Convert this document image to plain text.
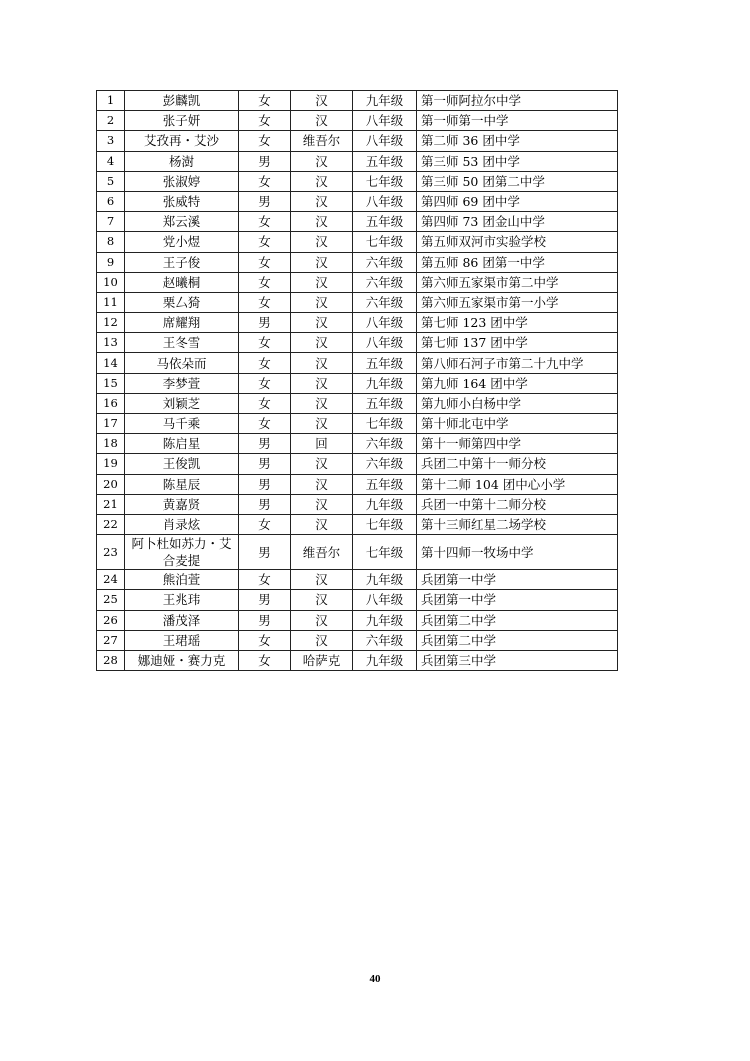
1	彭麟凯	女	汉	九年级	第一师阿拉尔中学
2	张子妍	女	汉	八年级	第一师第一中学
3	艾孜再・艾沙	女	维吾尔	八年级	第二师 36 团中学
4	杨澍	男	汉	五年级	第三师 53 团中学
5	张淑婷	女	汉	七年级	第三师 50 团第二中学
6	张威特	男	汉	八年级	第四师 69 团中学
7	郑云溪	女	汉	五年级	第四师 73 团金山中学
8	党小煜	女	汉	七年级	第五师双河市实验学校
9	王子俊	女	汉	六年级	第五师 86 团第一中学
10	赵曦桐	女	汉	六年级	第六师五家渠市第二中学
11	栗厶猗	女	汉	六年级	第六师五家渠市第一小学
12	席耀翔	男	汉	八年级	第七师 123 团中学
13	王冬雪	女	汉	八年级	第七师 137 团中学
14	马依朵而	女	汉	五年级	第八师石河子市第二十九中学
15	李梦萱	女	汉	九年级	第九师 164 团中学
16	刘颖芝	女	汉	五年级	第九师小白杨中学
17	马千乘	女	汉	七年级	第十师北屯中学
18	陈启星	男	回	六年级	第十一师第四中学
19	王俊凯	男	汉	六年级	兵团二中第十一师分校
20	陈星辰	男	汉	五年级	第十二师 104 团中心小学
21	黄嘉贤	男	汉	九年级	兵团一中第十二师分校
22	肖录炫	女	汉	七年级	第十三师红星二场学校
23	阿卜杜如苏力・艾合麦提	男	维吾尔	七年级	第十四师一牧场中学
24	熊泊萱	女	汉	九年级	兵团第一中学
25	王兆玮	男	汉	八年级	兵团第一中学
26	潘茂泽	男	汉	九年级	兵团第二中学
27	王珺瑶	女	汉	六年级	兵团第二中学
28	娜迪娅・赛力克	女	哈萨克	九年级	兵团第三中学
40
